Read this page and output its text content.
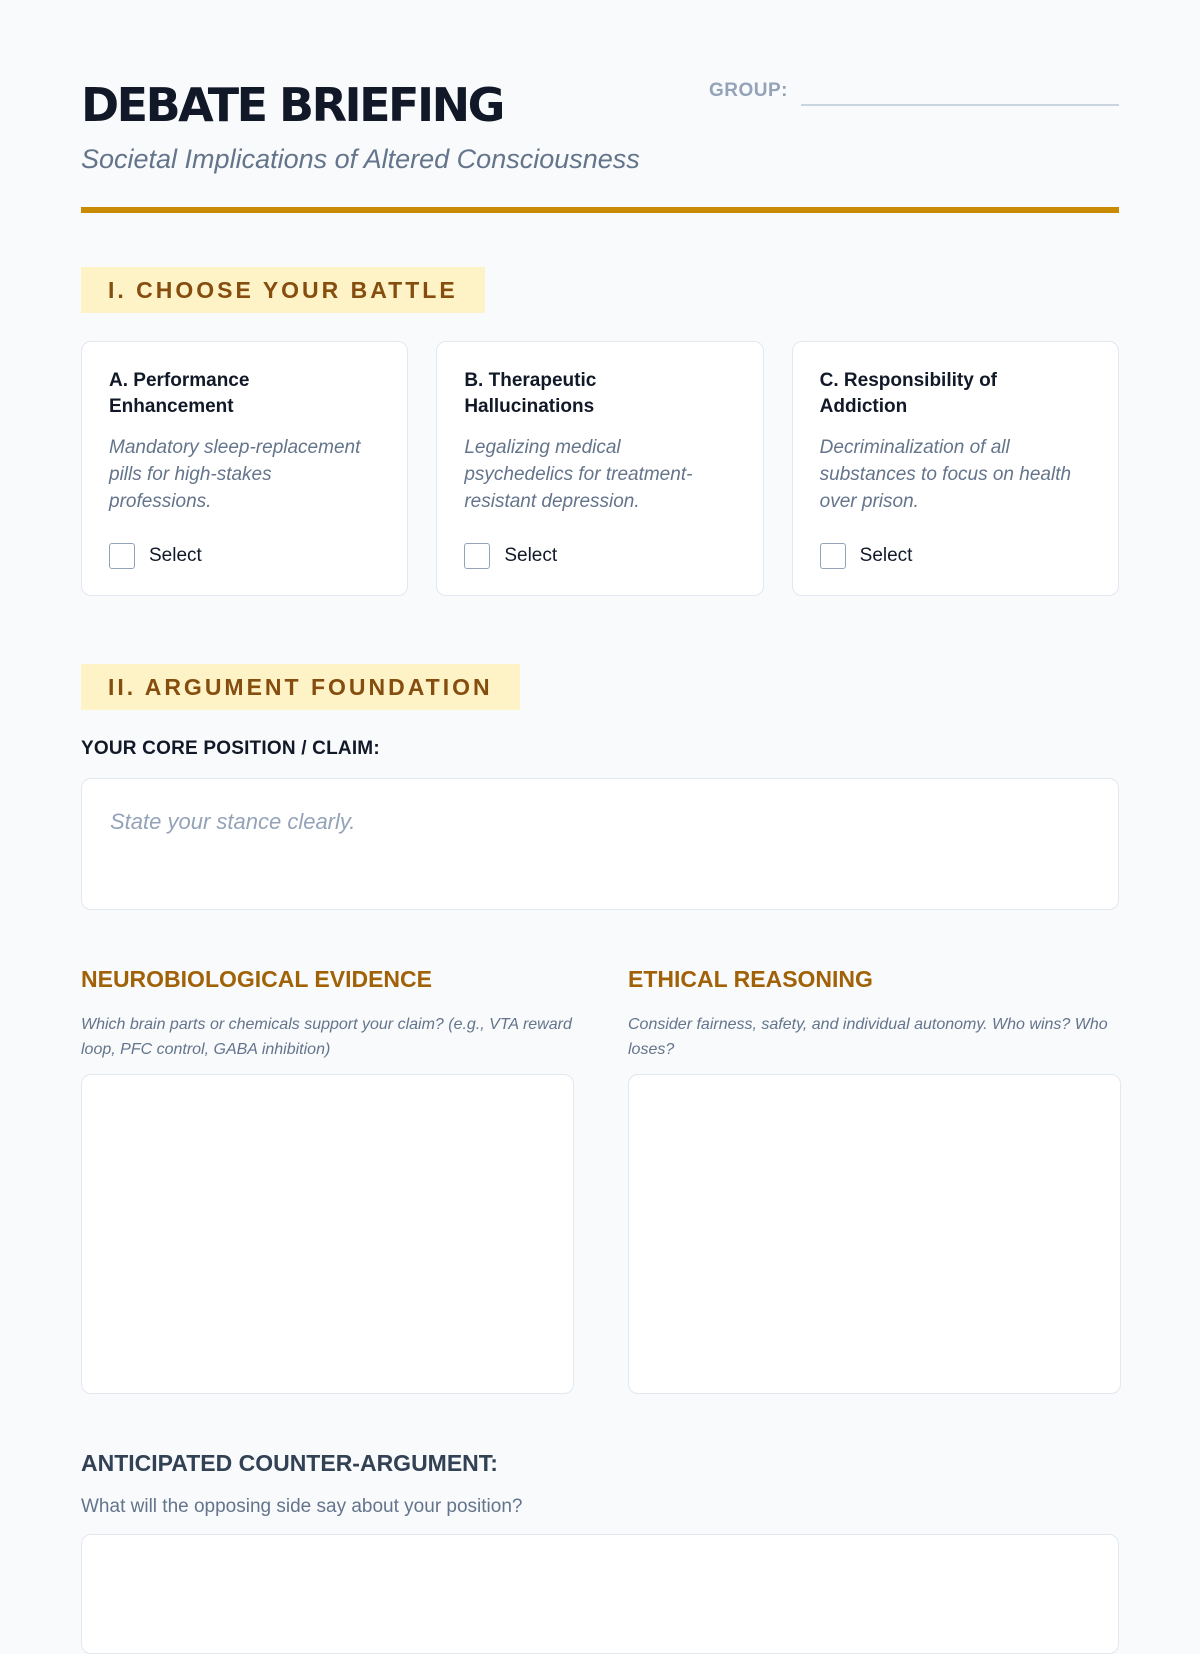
DEBATE BRIEFING
Societal Implications of Altered Consciousness
GROUP:
I. CHOOSE YOUR BATTLE
A. Performance Enhancement
Mandatory sleep-replacement pills for high-stakes professions.
Select
B. Therapeutic Hallucinations
Legalizing medical psychedelics for treatment-resistant depression.
Select
C. Responsibility of Addiction
Decriminalization of all substances to focus on health over prison.
Select
II. ARGUMENT FOUNDATION
YOUR CORE POSITION / CLAIM:
State your stance clearly.
NEUROBIOLOGICAL EVIDENCE
Which brain parts or chemicals support your claim? (e.g., VTA reward loop, PFC control, GABA inhibition)
ETHICAL REASONING
Consider fairness, safety, and individual autonomy. Who wins? Who loses?
ANTICIPATED COUNTER-ARGUMENT:
What will the opposing side say about your position?
